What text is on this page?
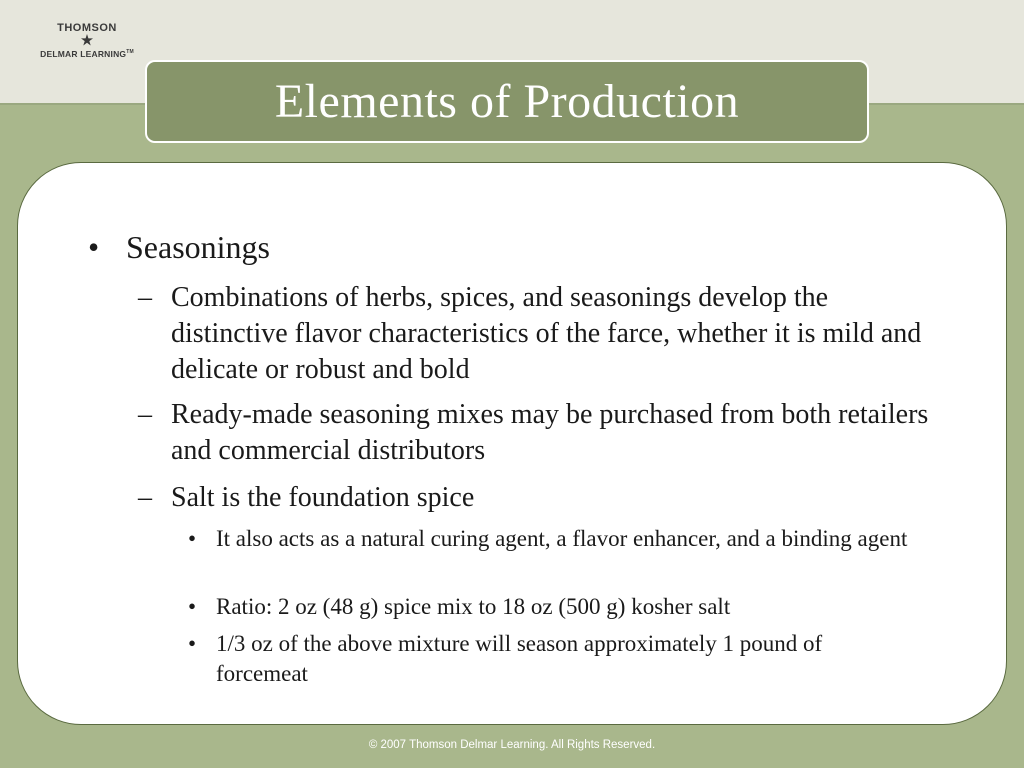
THOMSON
DELMAR LEARNING™
Elements of Production
• Seasonings
– Combinations of herbs, spices, and seasonings develop the distinctive flavor characteristics of the farce, whether it is mild and delicate or robust and bold
– Ready-made seasoning mixes may be purchased from both retailers and commercial distributors
– Salt is the foundation spice
• It also acts as a natural curing agent, a flavor enhancer, and a binding agent
• Ratio: 2 oz (48 g) spice mix to 18 oz (500 g) kosher salt
• 1/3 oz of the above mixture will season approximately 1 pound of forcemeat
© 2007 Thomson Delmar Learning. All Rights Reserved.
